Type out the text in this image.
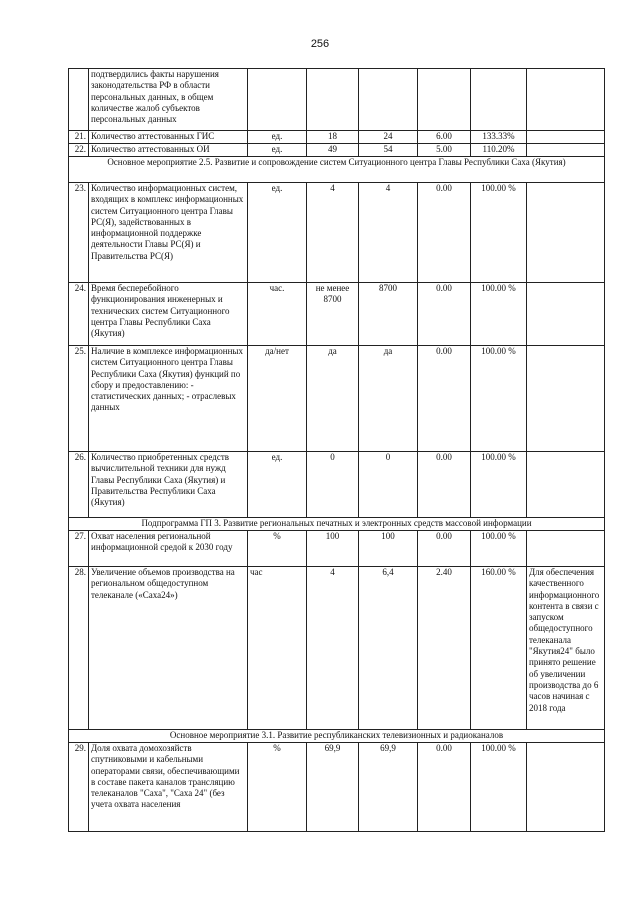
256
	подтвердились факты нарушения законодательства РФ в области персональных данных, в общем количестве жалоб субъектов персональных данных						
21.	Количество аттестованных ГИС	ед.	18	24	6.00	133.33%	
22.	Количество аттестованных ОИ	ед.	49	54	5.00	110.20%	
Основное мероприятие 2.5. Развитие и сопровождение систем Ситуационного центра Главы Республики Саха (Якутия)							
23.	Количество информационных систем, входящих в комплекс информационных систем Ситуационного центра Главы РС(Я), задействованных в информационной поддержке деятельности Главы РС(Я) и Правительства РС(Я)	ед.	4	4	0.00	100.00 %	
24.	Время бесперебойного функционирования инженерных и технических систем Ситуационного центра Главы Республики Саха (Якутия)	час.	не менее 8700	8700	0.00	100.00 %	
25.	Наличие в комплексе информационных систем Ситуационного центра Главы Республики Саха (Якутия) функций по сбору и предоставлению: - статистических данных; - отраслевых данных	да/нет	да	да	0.00	100.00 %	
26.	Количество приобретенных средств вычислительной техники для нужд Главы Республики Саха (Якутия) и Правительства Республики Саха (Якутия)	ед.	0	0	0.00	100.00 %	
Подпрограмма ГП 3. Развитие региональных печатных и электронных средств массовой информации							
27.	Охват населения региональной информационной средой к 2030 году	%	100	100	0.00	100.00 %	
28.	Увеличение объемов производства на региональном общедоступном телеканале («Саха24»)	час	4	6,4	2.40	160.00 %	Для обеспечения качественного информационного контента в связи с запуском общедоступного телеканала "Якутия24" было принято решение об увеличении производства до 6 часов начиная с 2018 года
Основное мероприятие 3.1. Развитие республиканских телевизионных и радиоканалов							
29.	Доля охвата домохозяйств спутниковыми и кабельными операторами связи, обеспечивающими в составе пакета каналов трансляцию телеканалов "Саха", "Саха 24" (без учета охвата населения	%	69,9	69,9	0.00	100.00 %	
